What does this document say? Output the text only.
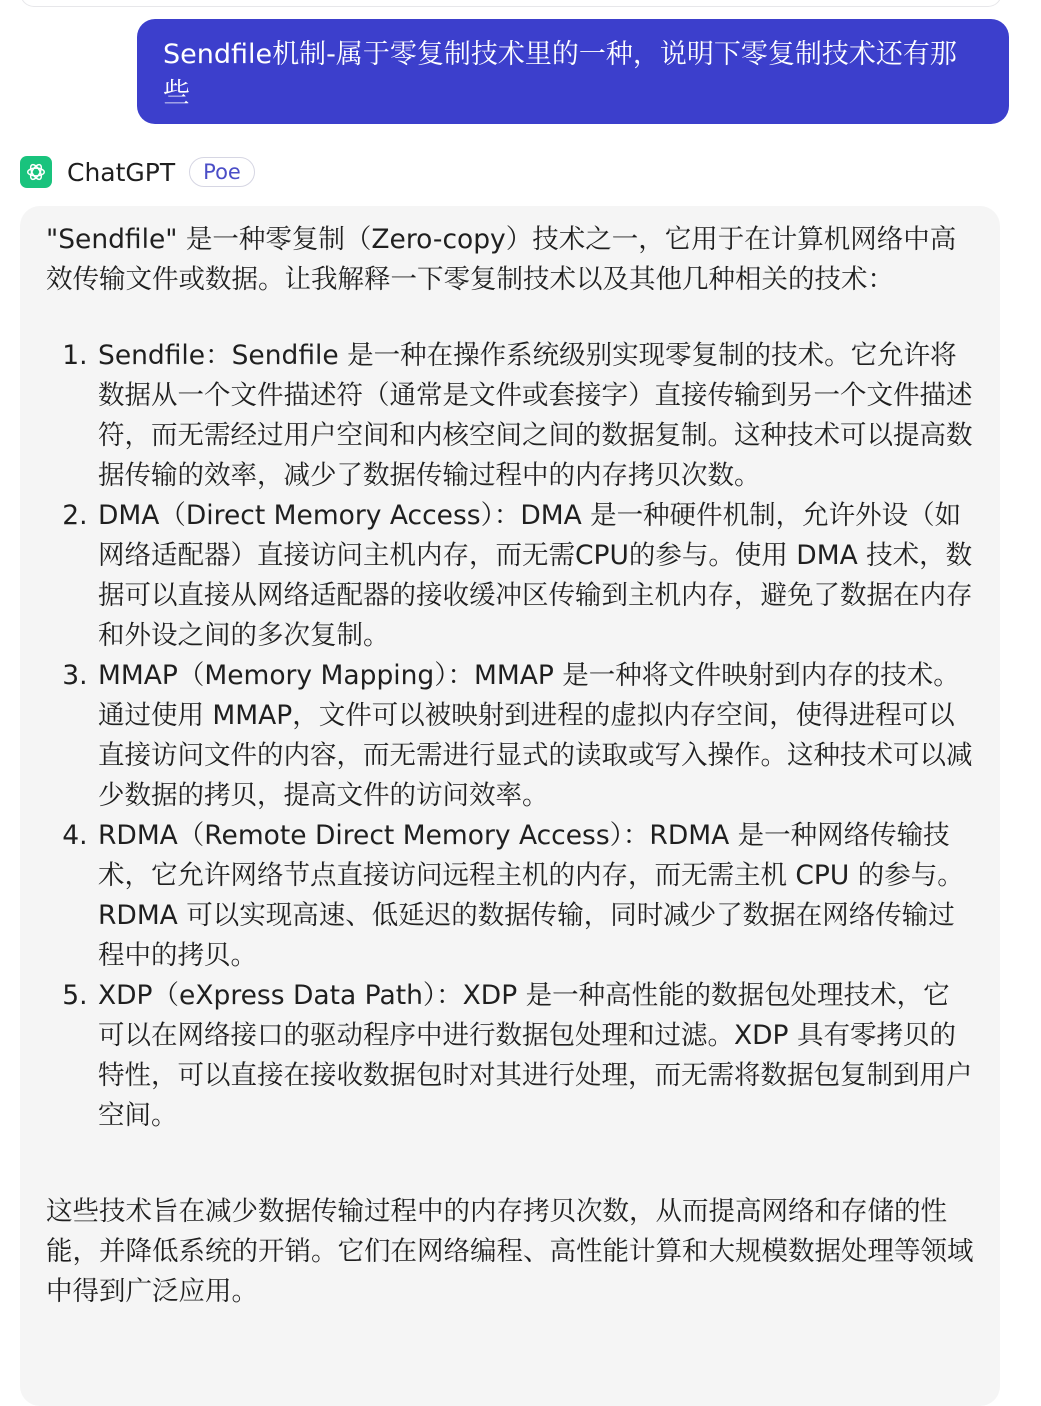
Sendfile机制-属于零复制技术里的一种，说明下零复制技术还有那些
ChatGPT	Poe

"Sendfile" 是一种零复制（Zero-copy）技术之一，它用于在计算机网络中高效传输文件或数据。让我解释一下零复制技术以及其他几种相关的技术：

1. Sendfile：Sendfile 是一种在操作系统级别实现零复制的技术。它允许将数据从一个文件描述符（通常是文件或套接字）直接传输到另一个文件描述符，而无需经过用户空间和内核空间之间的数据复制。这种技术可以提高数据传输的效率，减少了数据传输过程中的内存拷贝次数。
2. DMA（Direct Memory Access）：DMA 是一种硬件机制，允许外设（如网络适配器）直接访问主机内存，而无需CPU的参与。使用 DMA 技术，数据可以直接从网络适配器的接收缓冲区传输到主机内存，避免了数据在内存和外设之间的多次复制。
3. MMAP（Memory Mapping）：MMAP 是一种将文件映射到内存的技术。通过使用 MMAP，文件可以被映射到进程的虚拟内存空间，使得进程可以直接访问文件的内容，而无需进行显式的读取或写入操作。这种技术可以减少数据的拷贝，提高文件的访问效率。
4. RDMA（Remote Direct Memory Access）：RDMA 是一种网络传输技术，它允许网络节点直接访问远程主机的内存，而无需主机 CPU 的参与。RDMA 可以实现高速、低延迟的数据传输，同时减少了数据在网络传输过程中的拷贝。
5. XDP（eXpress Data Path）：XDP 是一种高性能的数据包处理技术，它可以在网络接口的驱动程序中进行数据包处理和过滤。XDP 具有零拷贝的特性，可以直接在接收数据包时对其进行处理，而无需将数据包复制到用户空间。

这些技术旨在减少数据传输过程中的内存拷贝次数，从而提高网络和存储的性能，并降低系统的开销。它们在网络编程、高性能计算和大规模数据处理等领域中得到广泛应用。
